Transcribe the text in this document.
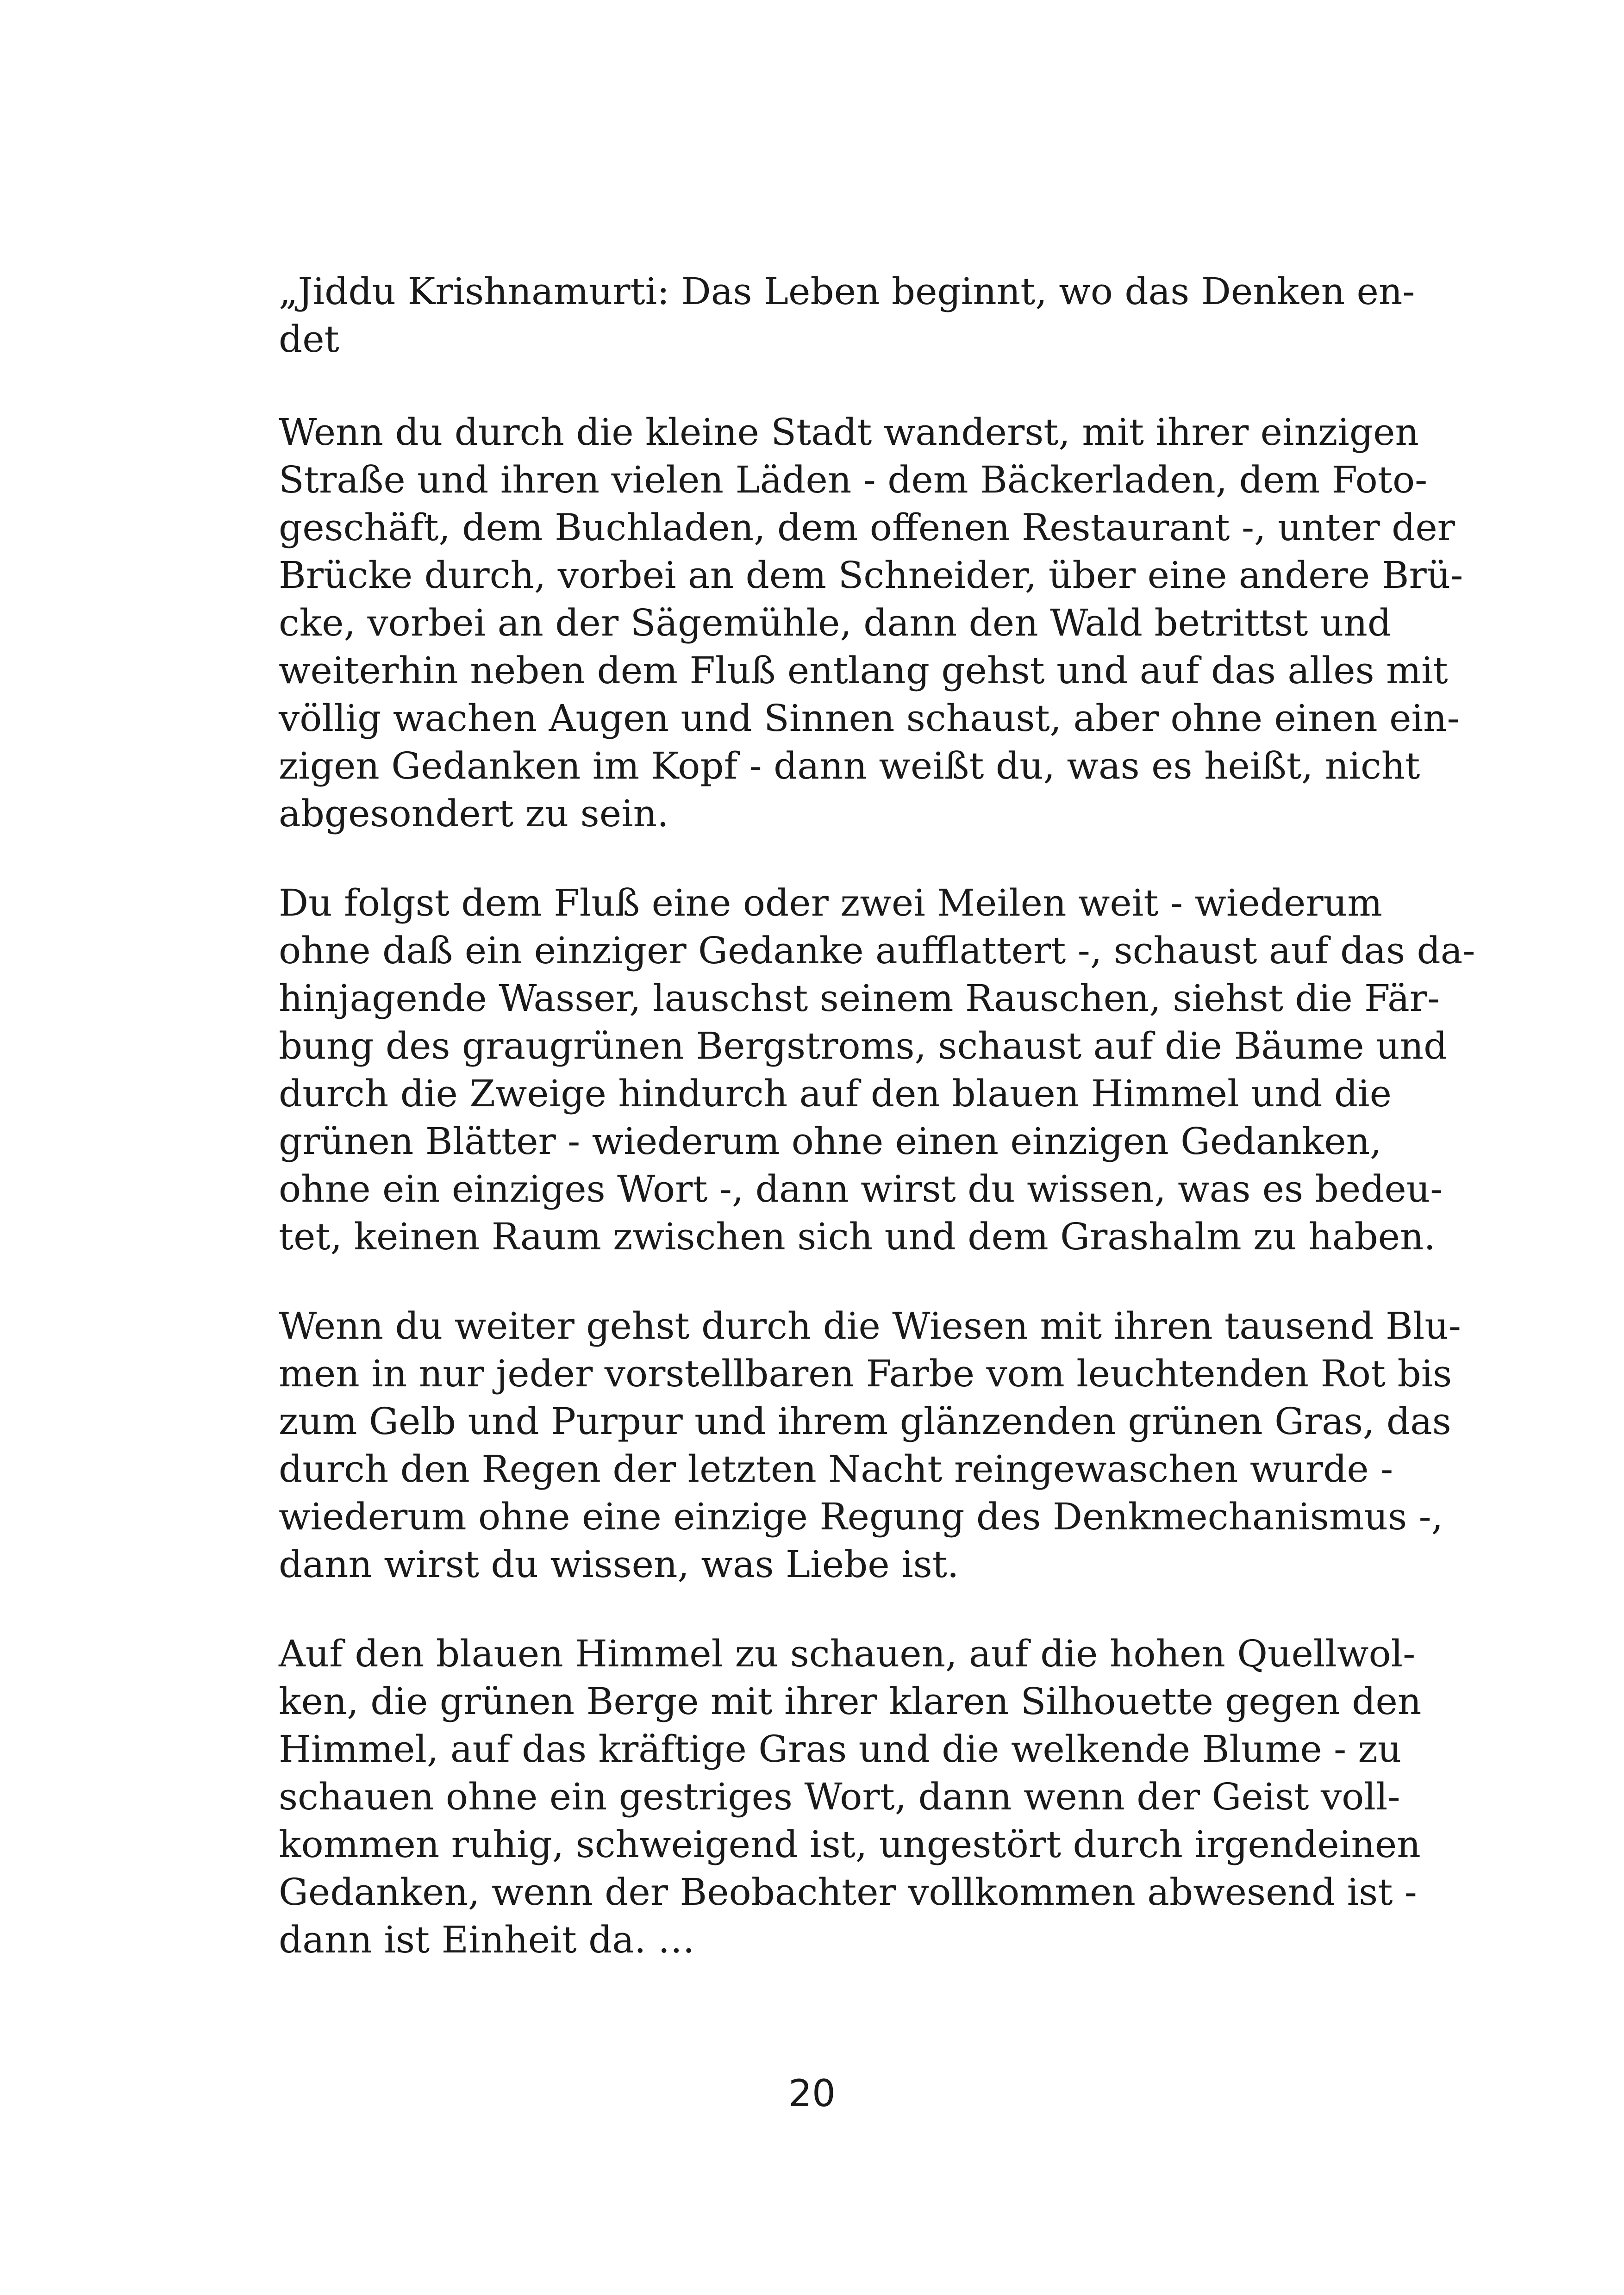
„Jiddu Krishnamurti: Das Leben beginnt, wo das Denken en-
det
Wenn du durch die kleine Stadt wanderst, mit ihrer einzigen
Straße und ihren vielen Läden - dem Bäckerladen, dem Foto-
geschäft, dem Buchladen, dem offenen Restaurant -, unter der
Brücke durch, vorbei an dem Schneider, über eine andere Brü-
cke, vorbei an der Sägemühle, dann den Wald betrittst und
weiterhin neben dem Fluß entlang gehst und auf das alles mit
völlig wachen Augen und Sinnen schaust, aber ohne einen ein-
zigen Gedanken im Kopf - dann weißt du, was es heißt, nicht
abgesondert zu sein.
Du folgst dem Fluß eine oder zwei Meilen weit - wiederum
ohne daß ein einziger Gedanke aufflattert -, schaust auf das da-
hinjagende Wasser, lauschst seinem Rauschen, siehst die Fär-
bung des graugrünen Bergstroms, schaust auf die Bäume und
durch die Zweige hindurch auf den blauen Himmel und die
grünen Blätter - wiederum ohne einen einzigen Gedanken,
ohne ein einziges Wort -, dann wirst du wissen, was es bedeu-
tet, keinen Raum zwischen sich und dem Grashalm zu haben.
Wenn du weiter gehst durch die Wiesen mit ihren tausend Blu-
men in nur jeder vorstellbaren Farbe vom leuchtenden Rot bis
zum Gelb und Purpur und ihrem glänzenden grünen Gras, das
durch den Regen der letzten Nacht reingewaschen wurde -
wiederum ohne eine einzige Regung des Denkmechanismus -,
dann wirst du wissen, was Liebe ist.
Auf den blauen Himmel zu schauen, auf die hohen Quellwol-
ken, die grünen Berge mit ihrer klaren Silhouette gegen den
Himmel, auf das kräftige Gras und die welkende Blume - zu
schauen ohne ein gestriges Wort, dann wenn der Geist voll-
kommen ruhig, schweigend ist, ungestört durch irgendeinen
Gedanken, wenn der Beobachter vollkommen abwesend ist -
dann ist Einheit da. …
20
